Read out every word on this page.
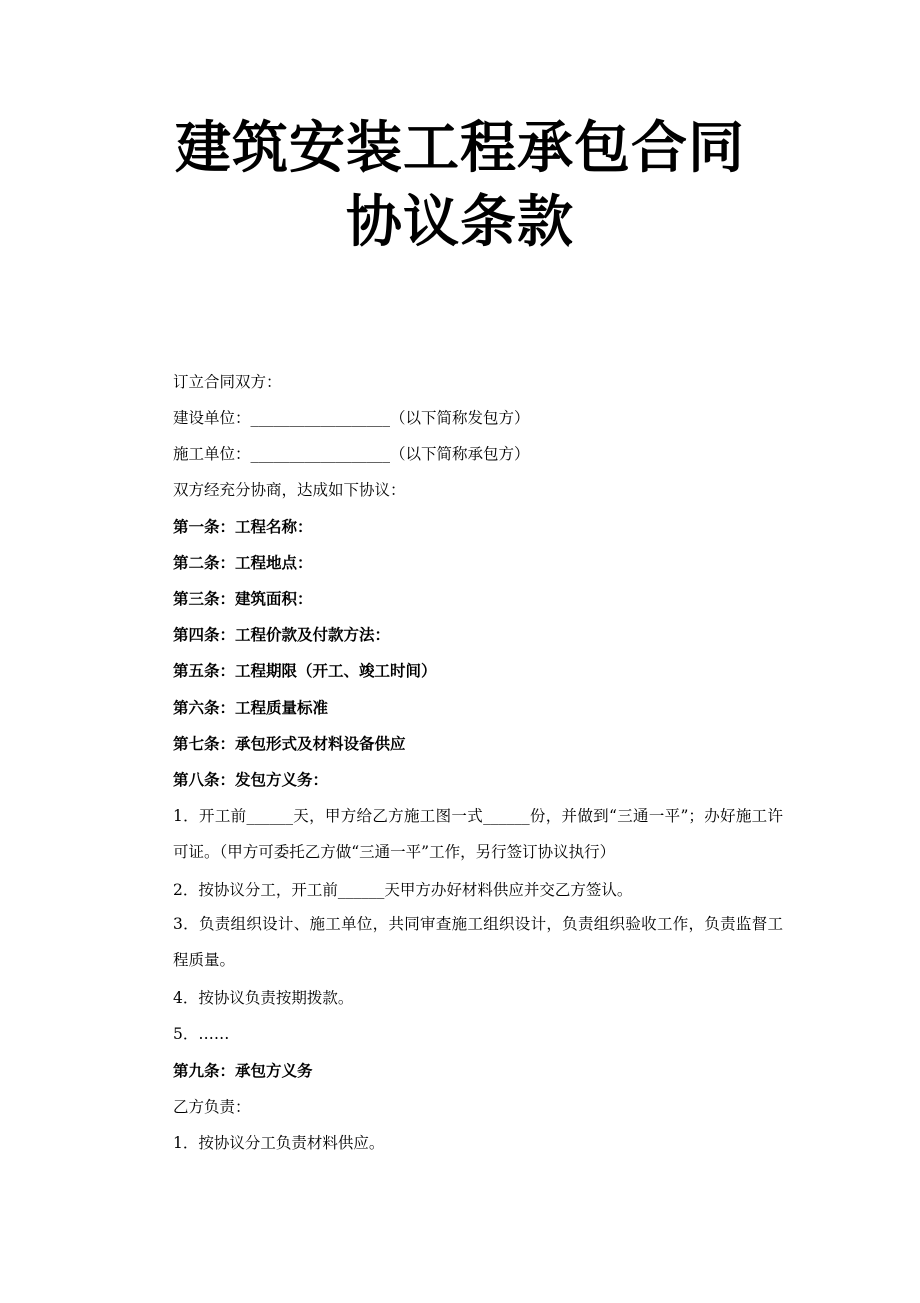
建筑安装工程承包合同
协议条款
订立合同双方：
建设单位：__________________（以下简称发包方）
施工单位：__________________（以下简称承包方）
双方经充分协商，达成如下协议：
第一条：工程名称：
第二条：工程地点：
第三条：建筑面积：
第四条：工程价款及付款方法：
第五条：工程期限（开工、竣工时间）
第六条：工程质量标准
第七条：承包形式及材料设备供应
第八条：发包方义务：
1．开工前______天，甲方给乙方施工图一式______份，并做到“三通一平”；办好施工许可证。（甲方可委托乙方做“三通一平”工作，另行签订协议执行）
2．按协议分工，开工前______天甲方办好材料供应并交乙方签认。
3．负责组织设计、施工单位，共同审查施工组织设计，负责组织验收工作，负责监督工程质量。
4．按协议负责按期拨款。
5．……
第九条：承包方义务
乙方负责：
1．按协议分工负责材料供应。
